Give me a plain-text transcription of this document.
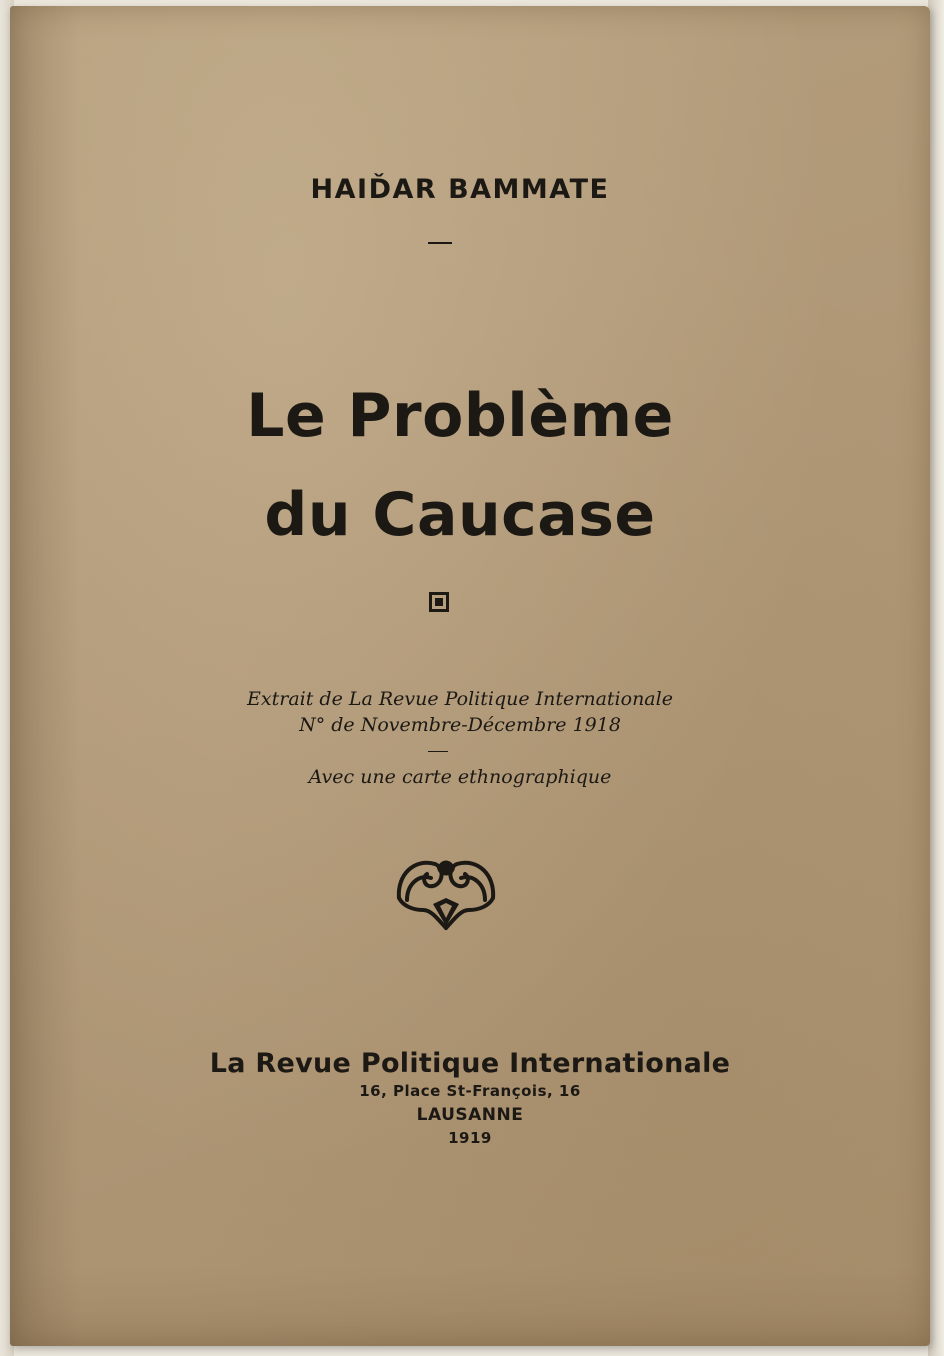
HAIĎAR BAMMATE
Le Problème
du Caucase
Extrait de La Revue Politique Internationale
N° de Novembre-Décembre 1918
Avec une carte ethnographique
La Revue Politique Internationale
16, Place St-François, 16
LAUSANNE
1919
